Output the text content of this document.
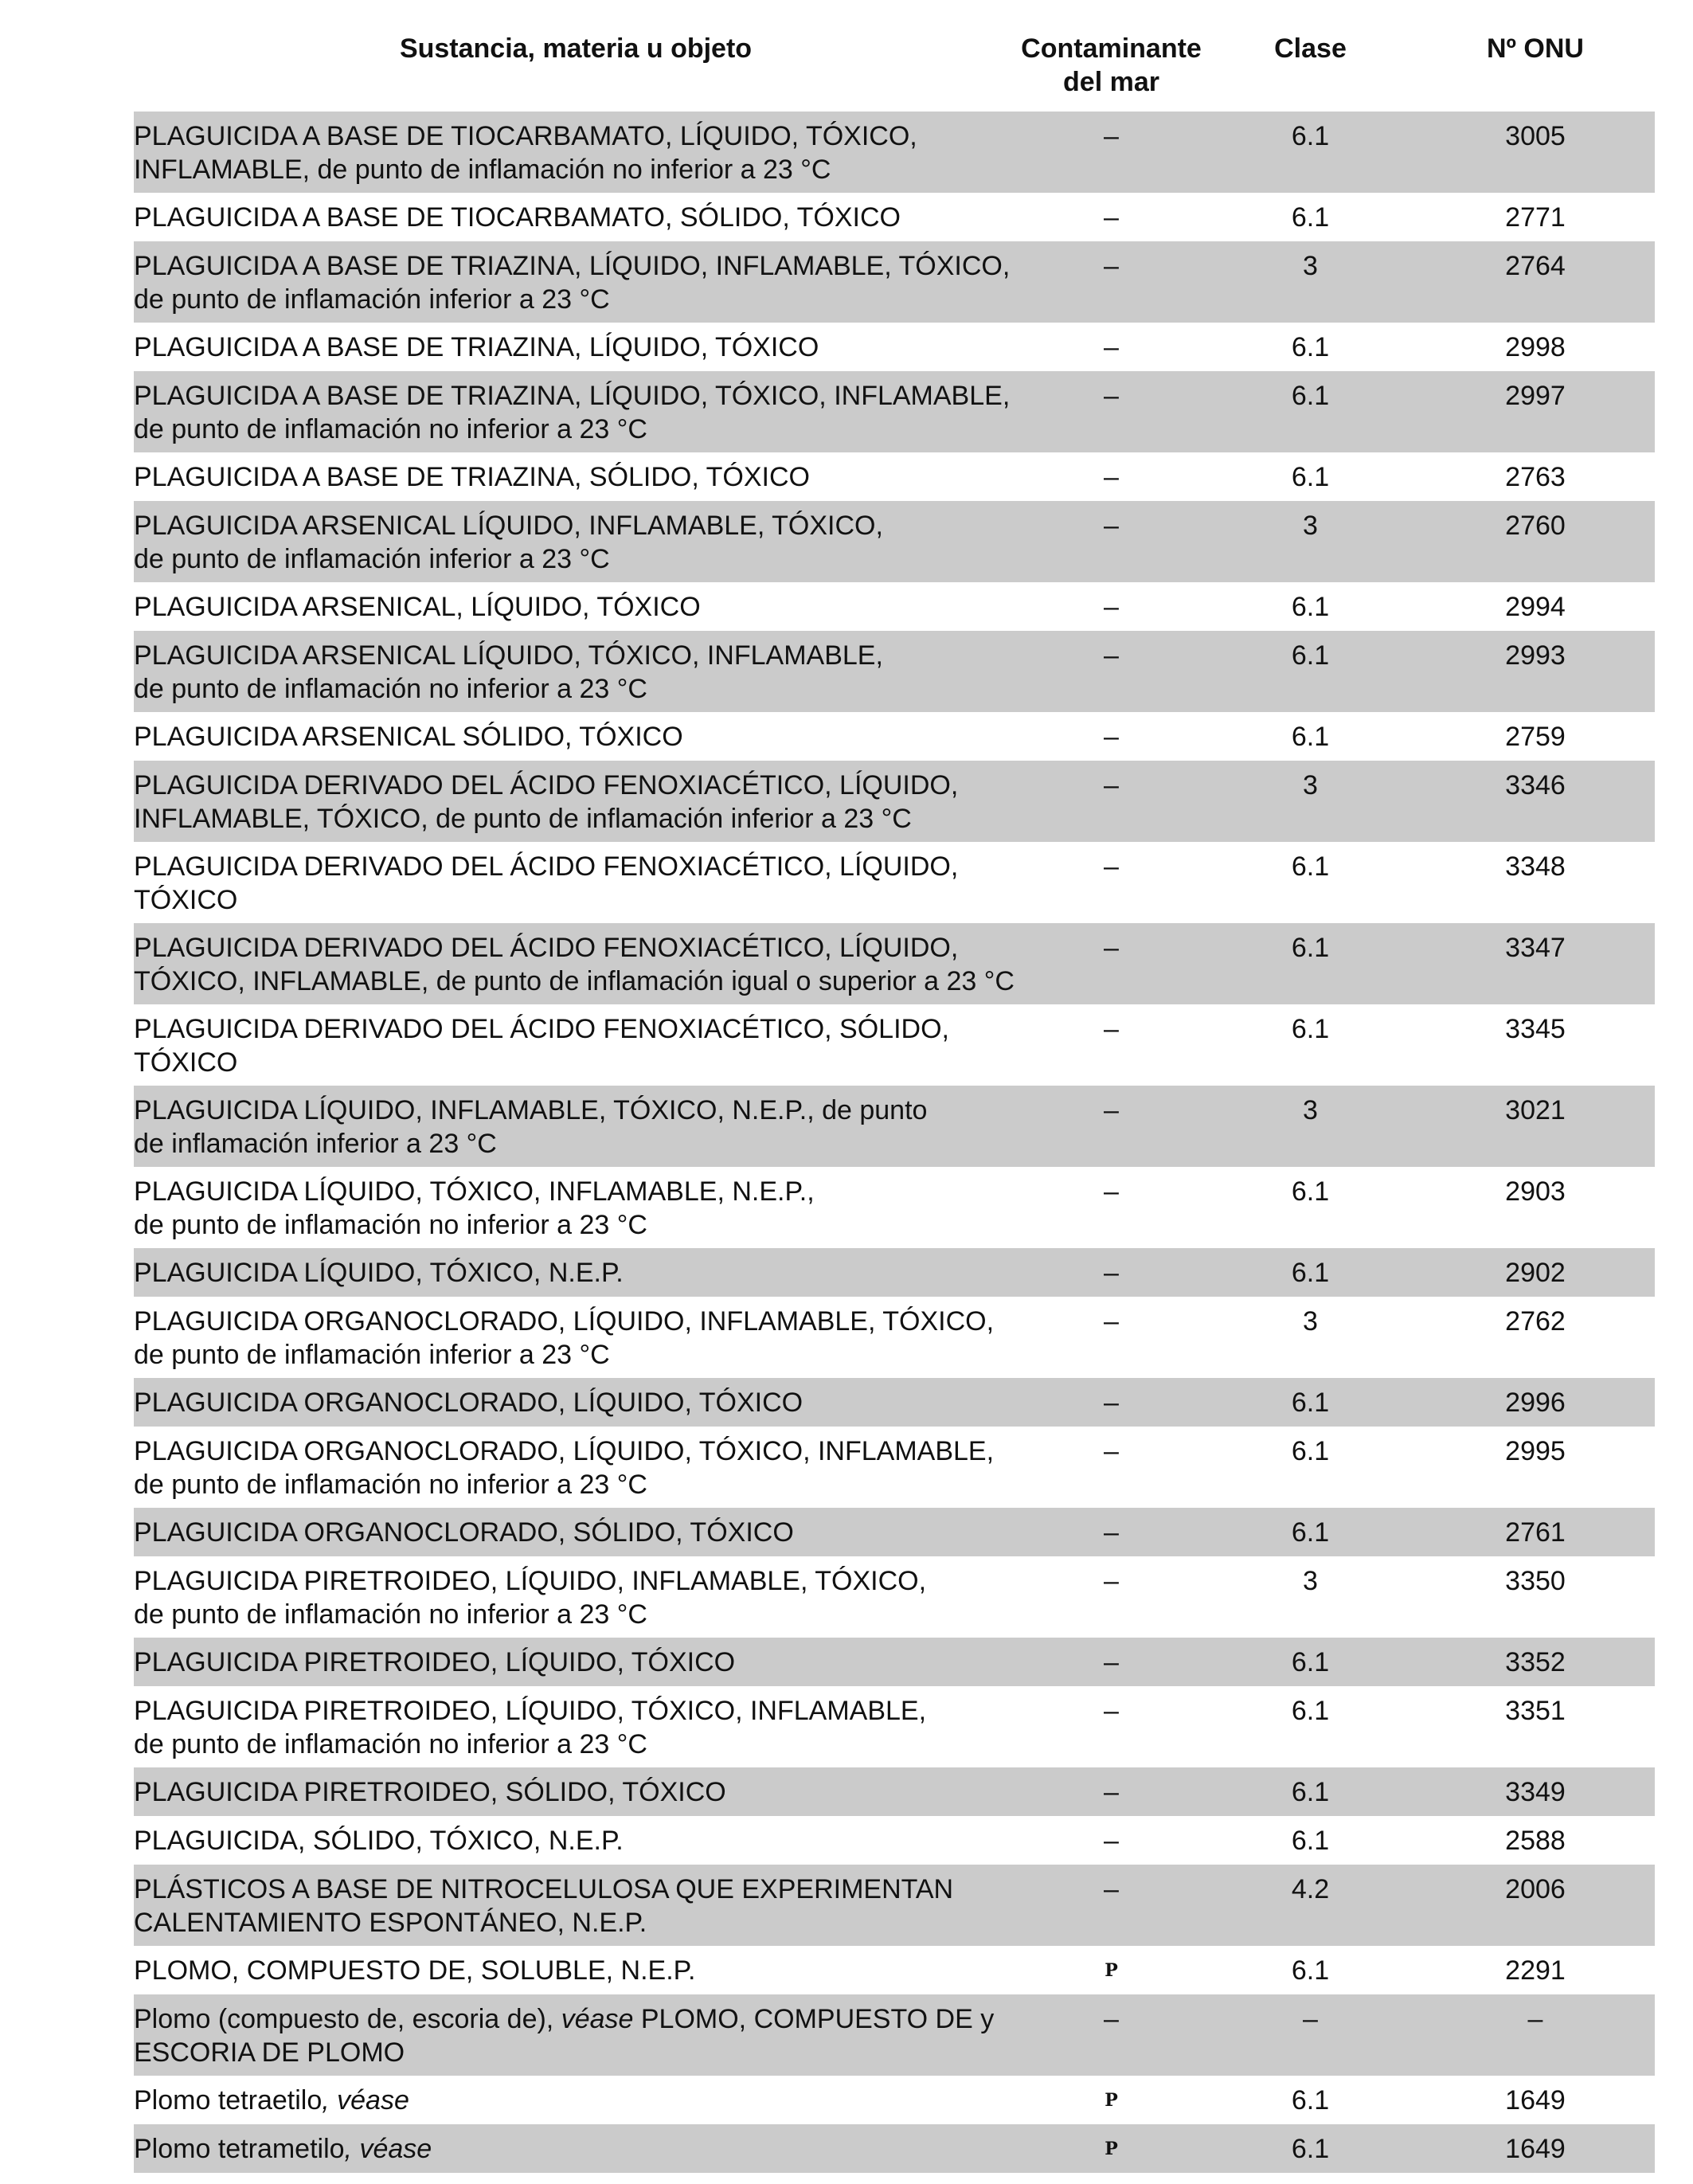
Sustancia, materia u objeto	Contaminante
del mar
Clase	Nº ONU
PLAGUICIDA A BASE DE TIOCARBAMATO, LÍQUIDO, TÓXICO,
INFLAMABLE, de punto de inflamación no inferior a 23 °C
–	6.1	3005
PLAGUICIDA A BASE DE TIOCARBAMATO, SÓLIDO, TÓXICO	–	6.1	2771
PLAGUICIDA A BASE DE TRIAZINA, LÍQUIDO, INFLAMABLE, TÓXICO,
de punto de inflamación inferior a 23 °C
–	3	2764
PLAGUICIDA A BASE DE TRIAZINA, LÍQUIDO, TÓXICO	–	6.1	2998
PLAGUICIDA A BASE DE TRIAZINA, LÍQUIDO, TÓXICO, INFLAMABLE,
de punto de inflamación no inferior a 23 °C
–	6.1	2997
PLAGUICIDA A BASE DE TRIAZINA, SÓLIDO, TÓXICO	–	6.1	2763
PLAGUICIDA ARSENICAL LÍQUIDO, INFLAMABLE, TÓXICO,
de punto de inflamación inferior a 23 °C
–	3	2760
PLAGUICIDA ARSENICAL, LÍQUIDO, TÓXICO	–	6.1	2994
PLAGUICIDA ARSENICAL LÍQUIDO, TÓXICO, INFLAMABLE,
de punto de inflamación no inferior a 23 °C
–	6.1	2993
PLAGUICIDA ARSENICAL SÓLIDO, TÓXICO	–	6.1	2759
PLAGUICIDA DERIVADO DEL ÁCIDO FENOXIACÉTICO, LÍQUIDO,
INFLAMABLE, TÓXICO, de punto de inflamación inferior a 23 °C
–	3	3346
PLAGUICIDA DERIVADO DEL ÁCIDO FENOXIACÉTICO, LÍQUIDO,
TÓXICO
–	6.1	3348
PLAGUICIDA DERIVADO DEL ÁCIDO FENOXIACÉTICO, LÍQUIDO,
TÓXICO, INFLAMABLE, de punto de inflamación igual o superior a 23 °C
–	6.1	3347
PLAGUICIDA DERIVADO DEL ÁCIDO FENOXIACÉTICO, SÓLIDO,
TÓXICO
–	6.1	3345
PLAGUICIDA LÍQUIDO, INFLAMABLE, TÓXICO, N.E.P., de punto
de inflamación inferior a 23 °C
–	3	3021
PLAGUICIDA LÍQUIDO, TÓXICO, INFLAMABLE, N.E.P.,
de punto de inflamación no inferior a 23 °C
–	6.1	2903
PLAGUICIDA LÍQUIDO, TÓXICO, N.E.P.	–	6.1	2902
PLAGUICIDA ORGANOCLORADO, LÍQUIDO, INFLAMABLE, TÓXICO,
de punto de inflamación inferior a 23 °C
–	3	2762
PLAGUICIDA ORGANOCLORADO, LÍQUIDO, TÓXICO	–	6.1	2996
PLAGUICIDA ORGANOCLORADO, LÍQUIDO, TÓXICO, INFLAMABLE,
de punto de inflamación no inferior a 23 °C
–	6.1	2995
PLAGUICIDA ORGANOCLORADO, SÓLIDO, TÓXICO	–	6.1	2761
PLAGUICIDA PIRETROIDEO, LÍQUIDO, INFLAMABLE, TÓXICO,
de punto de inflamación no inferior a 23 °C
–	3	3350
PLAGUICIDA PIRETROIDEO, LÍQUIDO, TÓXICO	–	6.1	3352
PLAGUICIDA PIRETROIDEO, LÍQUIDO, TÓXICO, INFLAMABLE,
de punto de inflamación no inferior a 23 °C
–	6.1	3351
PLAGUICIDA PIRETROIDEO, SÓLIDO, TÓXICO	–	6.1	3349
PLAGUICIDA, SÓLIDO, TÓXICO, N.E.P.	–	6.1	2588
PLÁSTICOS A BASE DE NITROCELULOSA QUE EXPERIMENTAN
CALENTAMIENTO ESPONTÁNEO, N.E.P.
–	4.2	2006
PLOMO, COMPUESTO DE, SOLUBLE, N.E.P.	P	6.1	2291
Plomo (compuesto de, escoria de), véase PLOMO, COMPUESTO DE y
ESCORIA DE PLOMO
–	–	–
Plomo tetraetilo, véase	P	6.1	1649
Plomo tetrametilo, véase	P	6.1	1649
